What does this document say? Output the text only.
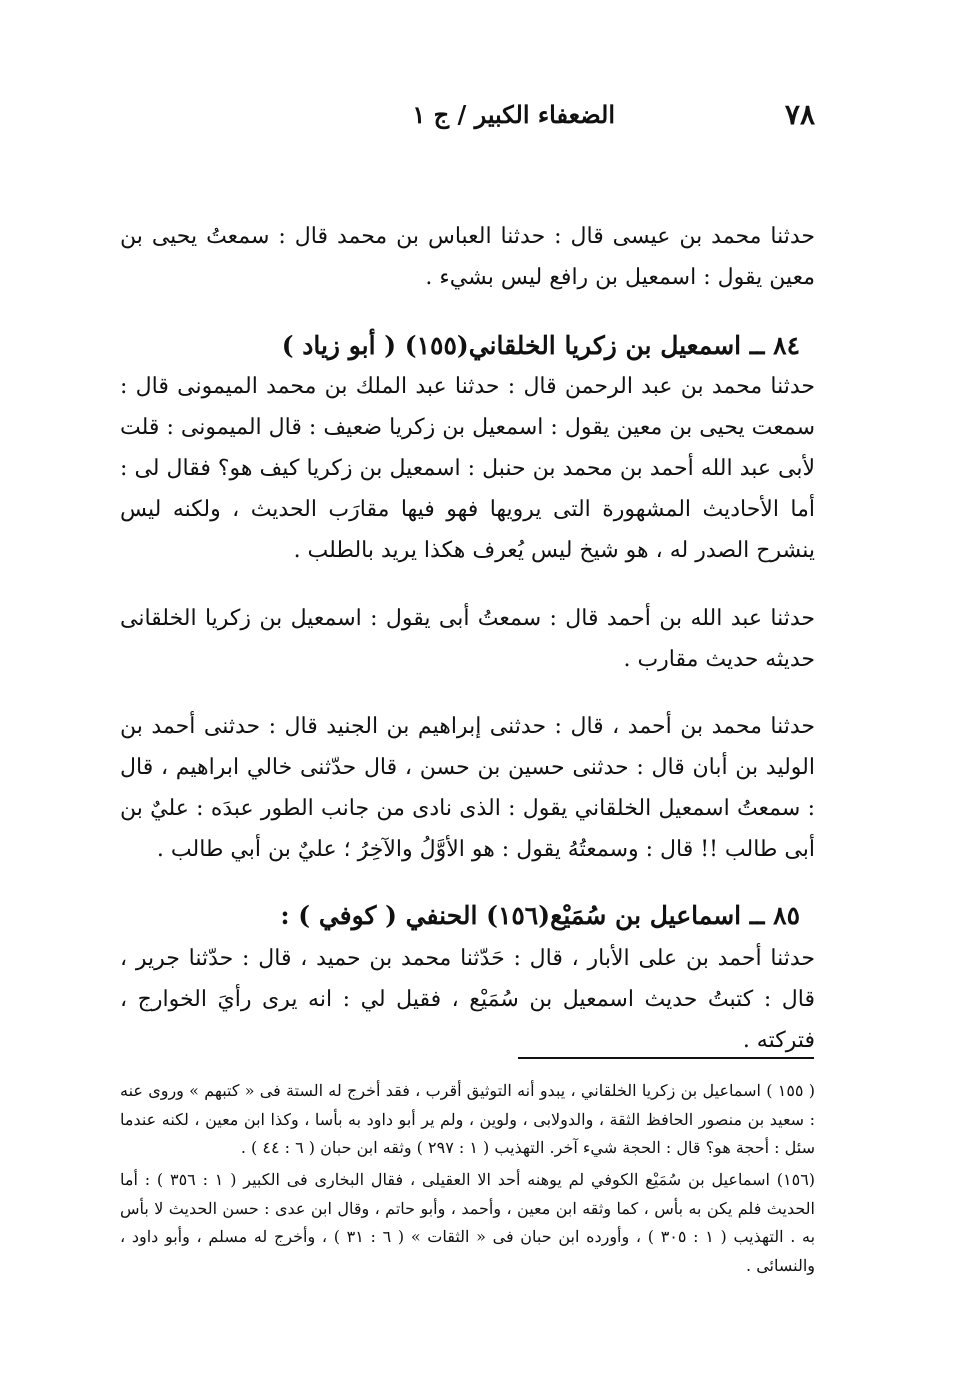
٧٨
الضعفاء الكبير / ج ١
حدثنا محمد بن عيسى قال : حدثنا العباس بن محمد قال : سمعتُ يحيى بن معين يقول : اسمعيل بن رافع ليس بشيء .
٨٤ ــ اسمعيل بن زكريا الخلقاني(١٥٥) ( أبو زياد )
حدثنا محمد بن عبد الرحمن قال : حدثنا عبد الملك بن محمد الميمونى قال : سمعت يحيى بن معين يقول : اسمعيل بن زكريا ضعيف : قال الميمونى : قلت لأبى عبد الله أحمد بن محمد بن حنبل : اسمعيل بن زكريا كيف هو؟ فقال لى : أما الأحاديث المشهورة التى يرويها فهو فيها مقارَب الحديث ، ولكنه ليس ينشرح الصدر له ، هو شيخ ليس يُعرف هكذا يريد بالطلب .
حدثنا عبد الله بن أحمد قال : سمعتُ أبى يقول : اسمعيل بن زكريا الخلقانى حديثه حديث مقارب .
حدثنا محمد بن أحمد ، قال : حدثنى إبراهيم بن الجنيد قال : حدثنى أحمد بن الوليد بن أبان قال : حدثنى حسين بن حسن ، قال حدّثنى خالي ابراهيم ، قال : سمعتُ اسمعيل الخلقاني يقول : الذى نادى من جانب الطور عبدَه : عليٌ بن أبى طالب !! قال : وسمعتُهُ يقول : هو الأوَّلُ والآخِرُ ؛ عليٌ بن أبي طالب .
٨٥ ــ اسماعيل بن سُمَيْع(١٥٦) الحنفي ( كوفي ) :
حدثنا أحمد بن على الأبار ، قال : حَدّثنا محمد بن حميد ، قال : حدّثنا جرير ، قال : كتبتُ حديث اسمعيل بن سُمَيْع ، فقيل لي : انه يرى رأيَ الخوارج ، فتركته .
( ١٥٥ ) اسماعيل بن زكريا الخلقاني ، يبدو أنه التوثيق أقرب ، فقد أخرج له الستة فى « كتبهم » وروى عنه : سعيد بن منصور الحافظ الثقة ، والدولابى ، ولوين ، ولم ير أبو داود به بأسا ، وكذا ابن معين ، لكنه عندما سئل : أحجة هو؟ قال : الحجة شيء آخر. التهذيب ( ١ : ٢٩٧ ) وثقه ابن حبان ( ٦ : ٤٤ ) .
(١٥٦) اسماعيل بن سُمَيْع الكوفي لم يوهنه أحد الا العقيلى ، فقال البخارى فى الكبير ( ١ : ٣٥٦ ) : أما الحديث فلم يكن به بأس ، كما وثقه ابن معين ، وأحمد ، وأبو حاتم ، وقال ابن عدى : حسن الحديث لا بأس به . التهذيب ( ١ : ٣٠٥ ) ، وأورده ابن حبان فى « الثقات » ( ٦ : ٣١ ) ، وأخرج له مسلم ، وأبو داود ، والنسائى .
